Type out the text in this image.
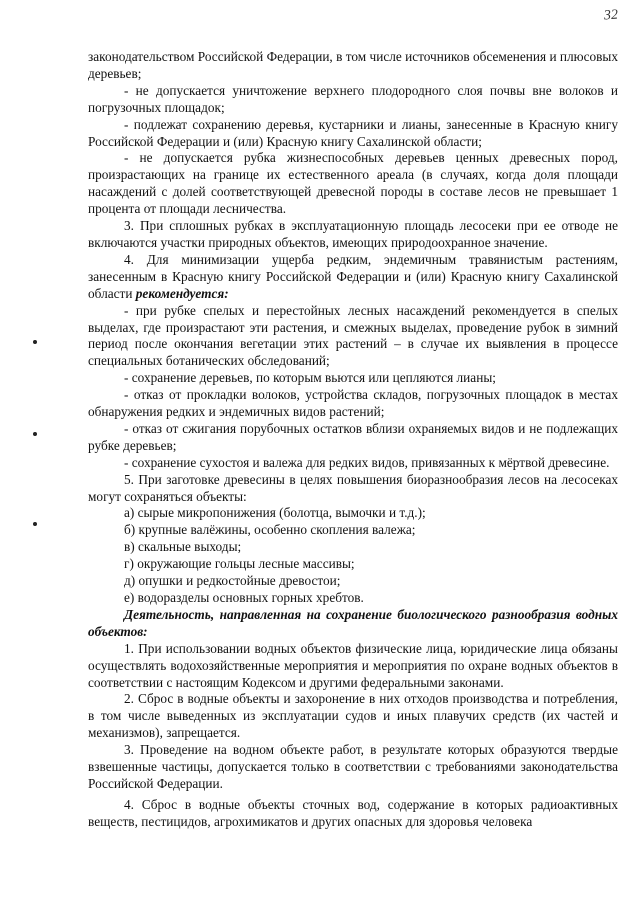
32

законодательством Российской Федерации, в том числе источников обсеменения и плюсовых деревьев;

- не допускается уничтожение верхнего плодородного слоя почвы вне волоков и погрузочных площадок;

- подлежат сохранению деревья, кустарники и лианы, занесенные в Красную книгу Российской Федерации и (или) Красную книгу Сахалинской области;

- не допускается рубка жизнеспособных деревьев ценных древесных пород, произрастающих на границе их естественного ареала (в случаях, когда доля площади насаждений с долей соответствующей древесной породы в составе лесов не превышает 1 процента от площади лесничества.

3. При сплошных рубках в эксплуатационную площадь лесосеки при ее отводе не включаются участки природных объектов, имеющих природоохранное значение.

4. Для минимизации ущерба редким, эндемичным травянистым растениям, занесенным в Красную книгу Российской Федерации и (или) Красную книгу Сахалинской области рекомендуется:

- при рубке спелых и перестойных лесных насаждений рекомендуется в спелых выделах, где произрастают эти растения, и смежных выделах, проведение рубок в зимний период после окончания вегетации этих растений – в случае их выявления в процессе специальных ботанических обследований;

- сохранение деревьев, по которым вьются или цепляются лианы;

- отказ от прокладки волоков, устройства складов, погрузочных площадок в местах обнаружения редких и эндемичных видов растений;

- отказ от сжигания порубочных остатков вблизи охраняемых видов и не подлежащих рубке деревьев;

- сохранение сухостоя и валежа для редких видов, привязанных к мёртвой древесине.

5. При заготовке древесины в целях повышения биоразнообразия лесов на лесосеках могут сохраняться объекты:

а) сырые микропонижения (болотца, вымочки и т.д.);

б) крупные валёжины, особенно скопления валежа;

в) скальные выходы;

г) окружающие гольцы лесные массивы;

д) опушки и редкостойные древостои;

е) водоразделы основных горных хребтов.

Деятельность, направленная на сохранение биологического разнообразия водных объектов:

1. При использовании водных объектов физические лица, юридические лица обязаны осуществлять водохозяйственные мероприятия и мероприятия по охране водных объектов в соответствии с настоящим Кодексом и другими федеральными законами.

2. Сброс в водные объекты и захоронение в них отходов производства и потребления, в том числе выведенных из эксплуатации судов и иных плавучих средств (их частей и механизмов), запрещается.

3. Проведение на водном объекте работ, в результате которых образуются твердые взвешенные частицы, допускается только в соответствии с требованиями законодательства Российской Федерации.

4. Сброс в водные объекты сточных вод, содержание в которых радиоактивных веществ, пестицидов, агрохимикатов и других опасных для здоровья человека
